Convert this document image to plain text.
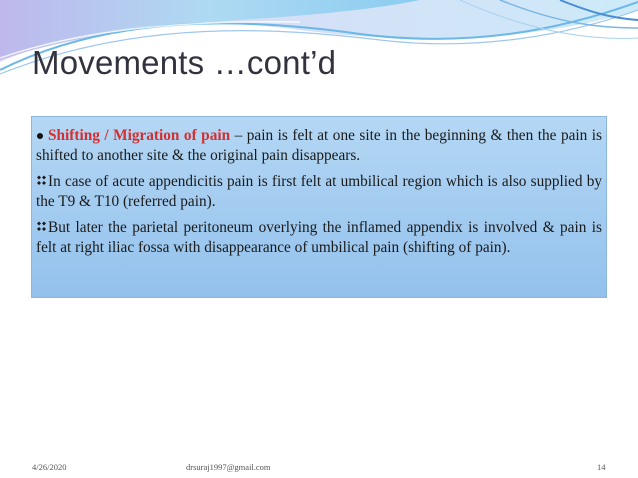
Movements …cont’d

Shifting / Migration of pain – pain is felt at one site in the beginning & then the pain is shifted to another site & the original pain disappears.

In case of acute appendicitis pain is first felt at umbilical region which is also supplied by the T9 & T10 (referred pain).

But later the parietal peritoneum overlying the inflamed appendix is involved & pain is felt at right iliac fossa with disappearance of umbilical pain (shifting of pain).

4/26/2020	drsuraj1997@gmail.com	14
